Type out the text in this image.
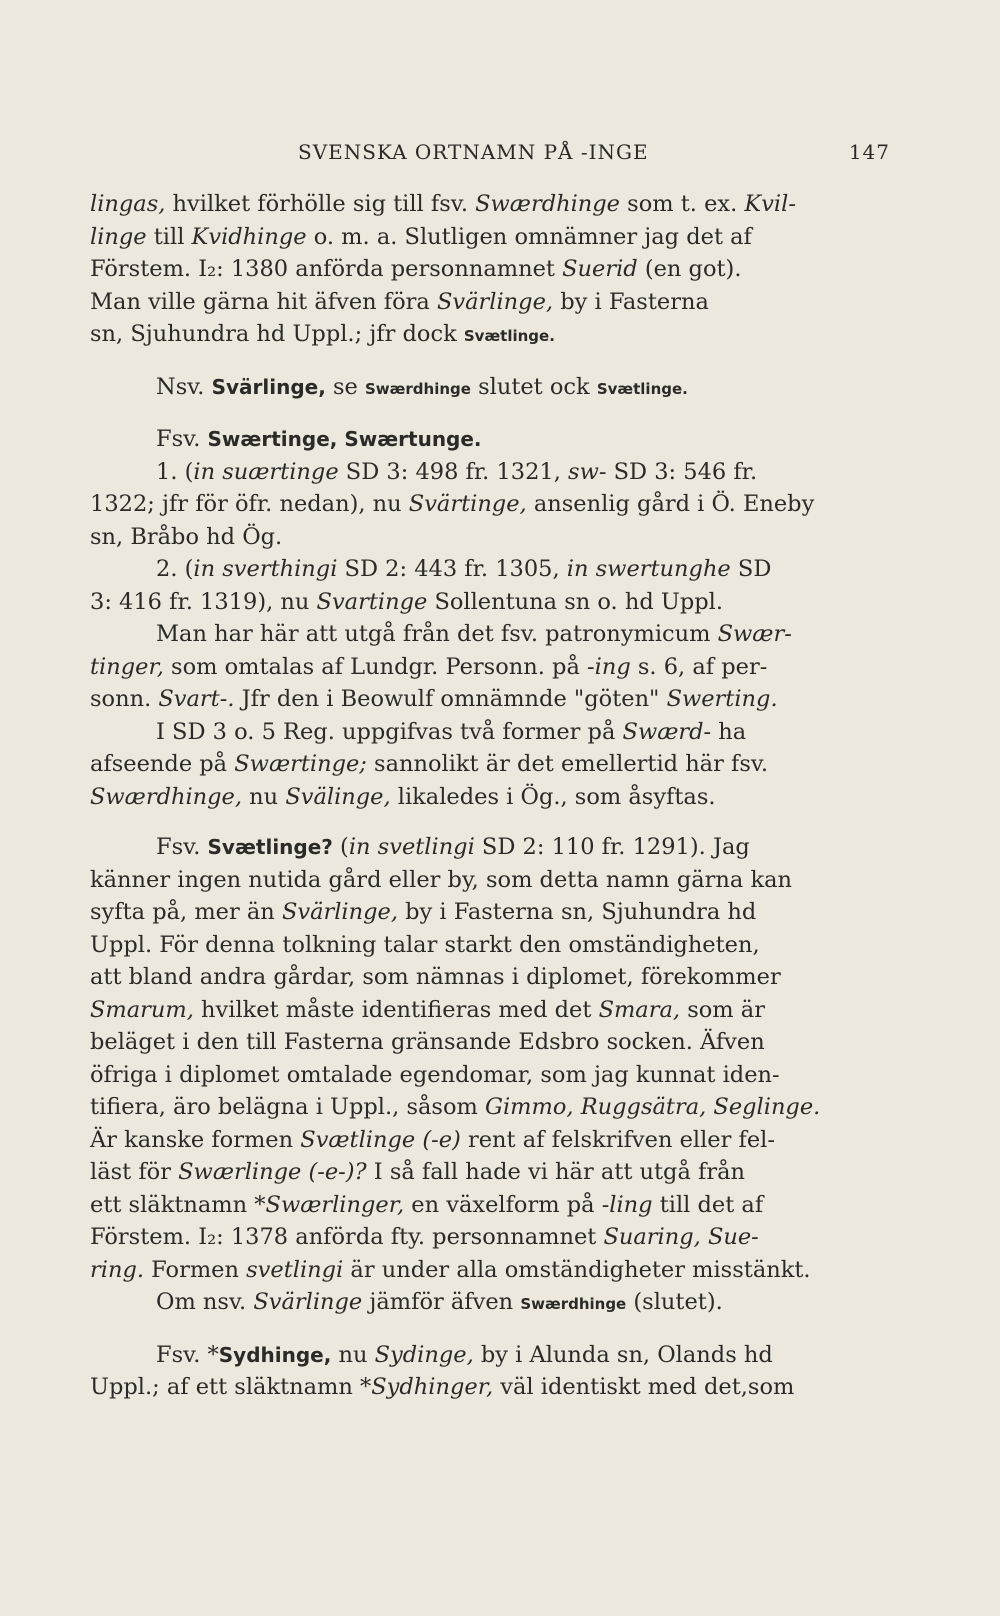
SVENSKA ORTNAMN PÅ -INGE	147
lingas, hvilket förhölle sig till fsv. Swærdhinge som t. ex. Kvil-
linge till Kvidhinge o. m. a. Slutligen omnämner jag det af
Förstem. I₂: 1380 anförda personnamnet Suerid (en got).
Man ville gärna hit äfven föra Svärlinge, by i Fasterna
sn, Sjuhundra hd Uppl.; jfr dock Svætlinge.
Nsv. Svärlinge, se Swærdhinge slutet ock Svætlinge.
Fsv. Swærtinge, Swærtunge.
1. (in suærtinge SD 3: 498 fr. 1321, sw- SD 3: 546 fr.
1322; jfr för öfr. nedan), nu Svärtinge, ansenlig gård i Ö. Eneby
sn, Bråbo hd Ög.
2. (in sverthingi SD 2: 443 fr. 1305, in swertunghe SD
3: 416 fr. 1319), nu Svartinge Sollentuna sn o. hd Uppl.
Man har här att utgå från det fsv. patronymicum Swær-
tinger, som omtalas af Lundgr. Personn. på -ing s. 6, af per-
sonn. Svart-. Jfr den i Beowulf omnämnde "göten" Swerting.
I SD 3 o. 5 Reg. uppgifvas två former på Swærd- ha
afseende på Swærtinge; sannolikt är det emellertid här fsv.
Swærdhinge, nu Svälinge, likaledes i Ög., som åsyftas.
Fsv. Svætlinge? (in svetlingi SD 2: 110 fr. 1291). Jag
känner ingen nutida gård eller by, som detta namn gärna kan
syfta på, mer än Svärlinge, by i Fasterna sn, Sjuhundra hd
Uppl. För denna tolkning talar starkt den omständigheten,
att bland andra gårdar, som nämnas i diplomet, förekommer
Smarum, hvilket måste identifieras med det Smara, som är
beläget i den till Fasterna gränsande Edsbro socken. Äfven
öfriga i diplomet omtalade egendomar, som jag kunnat iden-
tifiera, äro belägna i Uppl., såsom Gimmo, Ruggsätra, Seglinge.
Är kanske formen Svætlinge (-e) rent af felskrifven eller fel-
läst för Swærlinge (-e-)? I så fall hade vi här att utgå från
ett släktnamn *Swærlinger, en växelform på -ling till det af
Förstem. I₂: 1378 anförda fty. personnamnet Suaring, Sue-
ring. Formen svetlingi är under alla omständigheter misstänkt.
Om nsv. Svärlinge jämför äfven Swærdhinge (slutet).
Fsv. *Sydhinge, nu Sydinge, by i Alunda sn, Olands hd
Uppl.; af ett släktnamn *Sydhinger, väl identiskt med det,som
